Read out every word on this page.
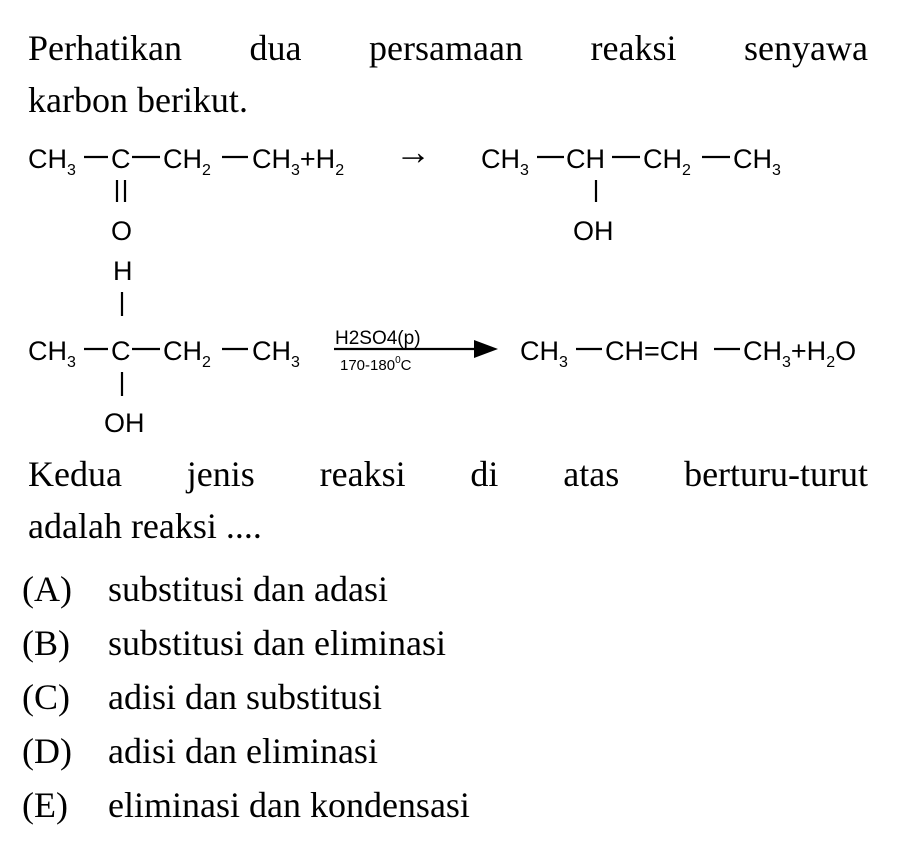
Perhatikan dua persamaan reaksi senyawa
karbon berikut.
$CH_3$ C $CH_2$ $CH_3+H_2$
O
→ $CH_3$ CH $CH_2$ $CH_3$
OH
H
$CH_3$ C $CH_2$ $CH_3$
OH
H2SO4(p)
$170-180^0C$	$CH_3$ CH=CH $CH_3+H_2O$
Kedua jenis reaksi di atas berturu-turut
adalah reaksi ....
(A)	substitusi dan adasi
(B)	substitusi dan eliminasi
(C)	adisi dan substitusi
(D)	adisi dan eliminasi
(E)	eliminasi dan kondensasi
